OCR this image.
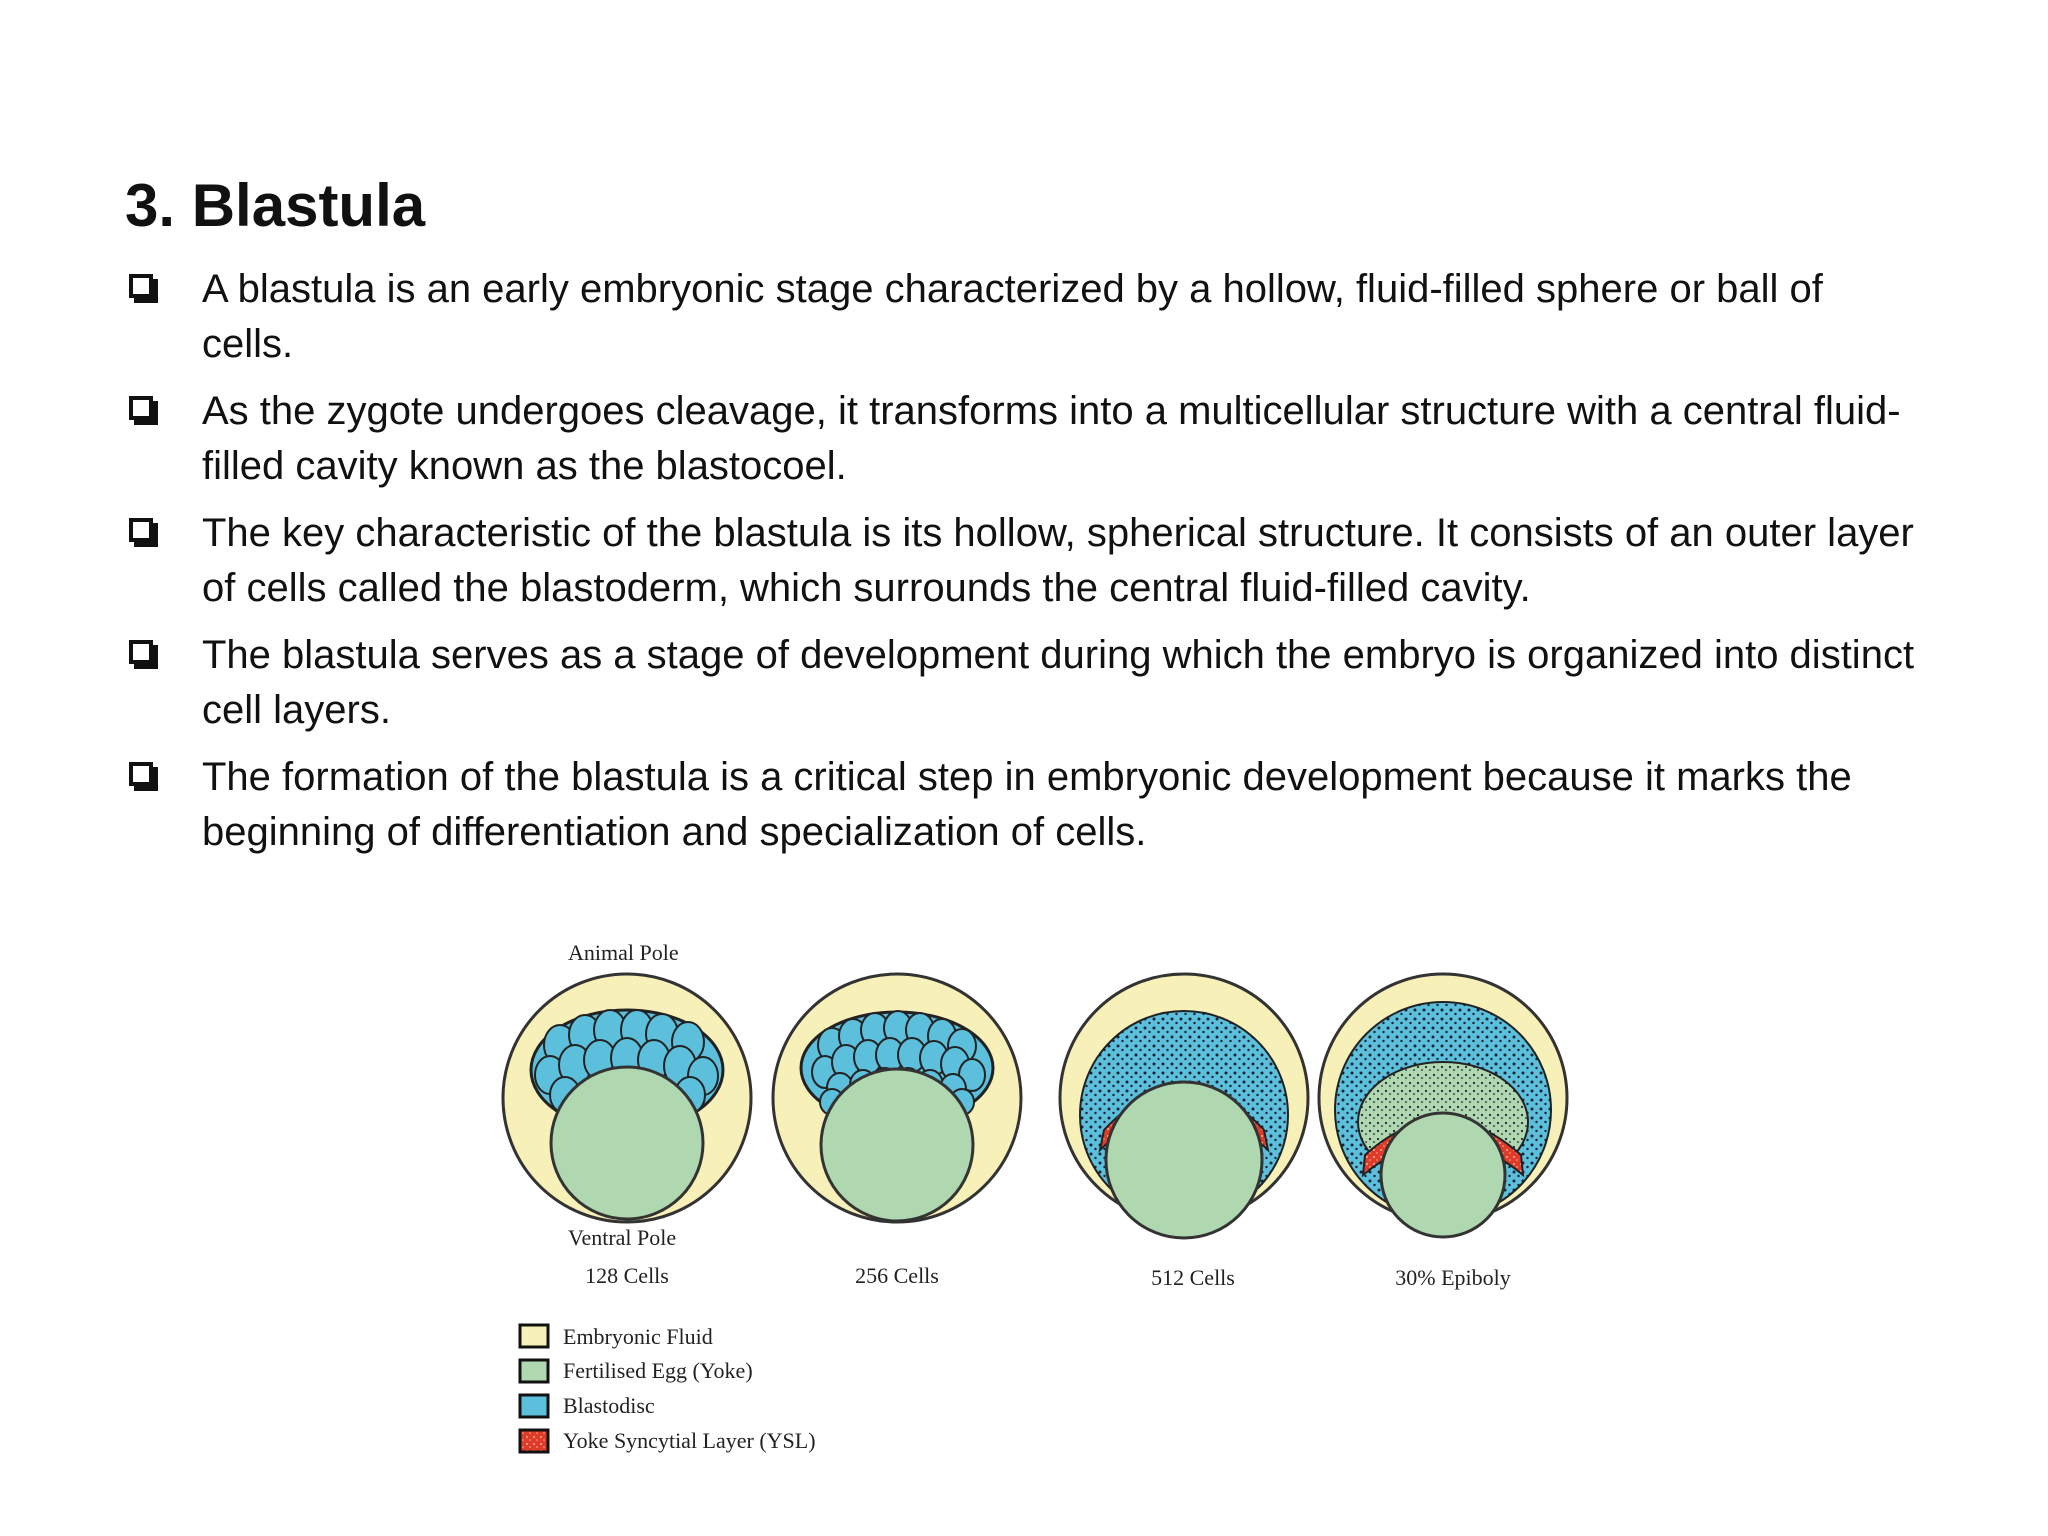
3. Blastula
A blastula is an early embryonic stage characterized by a hollow, fluid-filled sphere or ball of cells.
As the zygote undergoes cleavage, it transforms into a multicellular structure with a central fluid-filled cavity known as the blastocoel.
The key characteristic of the blastula is its hollow, spherical structure. It consists of an outer layer of cells called the blastoderm, which surrounds the central fluid-filled cavity.
The blastula serves as a stage of development during which the embryo is organized into distinct cell layers.
The formation of the blastula is a critical step in embryonic development because it marks the beginning of differentiation and specialization of cells.
Animal Pole
Ventral Pole
128 Cells	256 Cells	512 Cells	30% Epiboly
Embryonic Fluid
Fertilised Egg (Yoke)
Blastodisc
Yoke Syncytial Layer (YSL)
